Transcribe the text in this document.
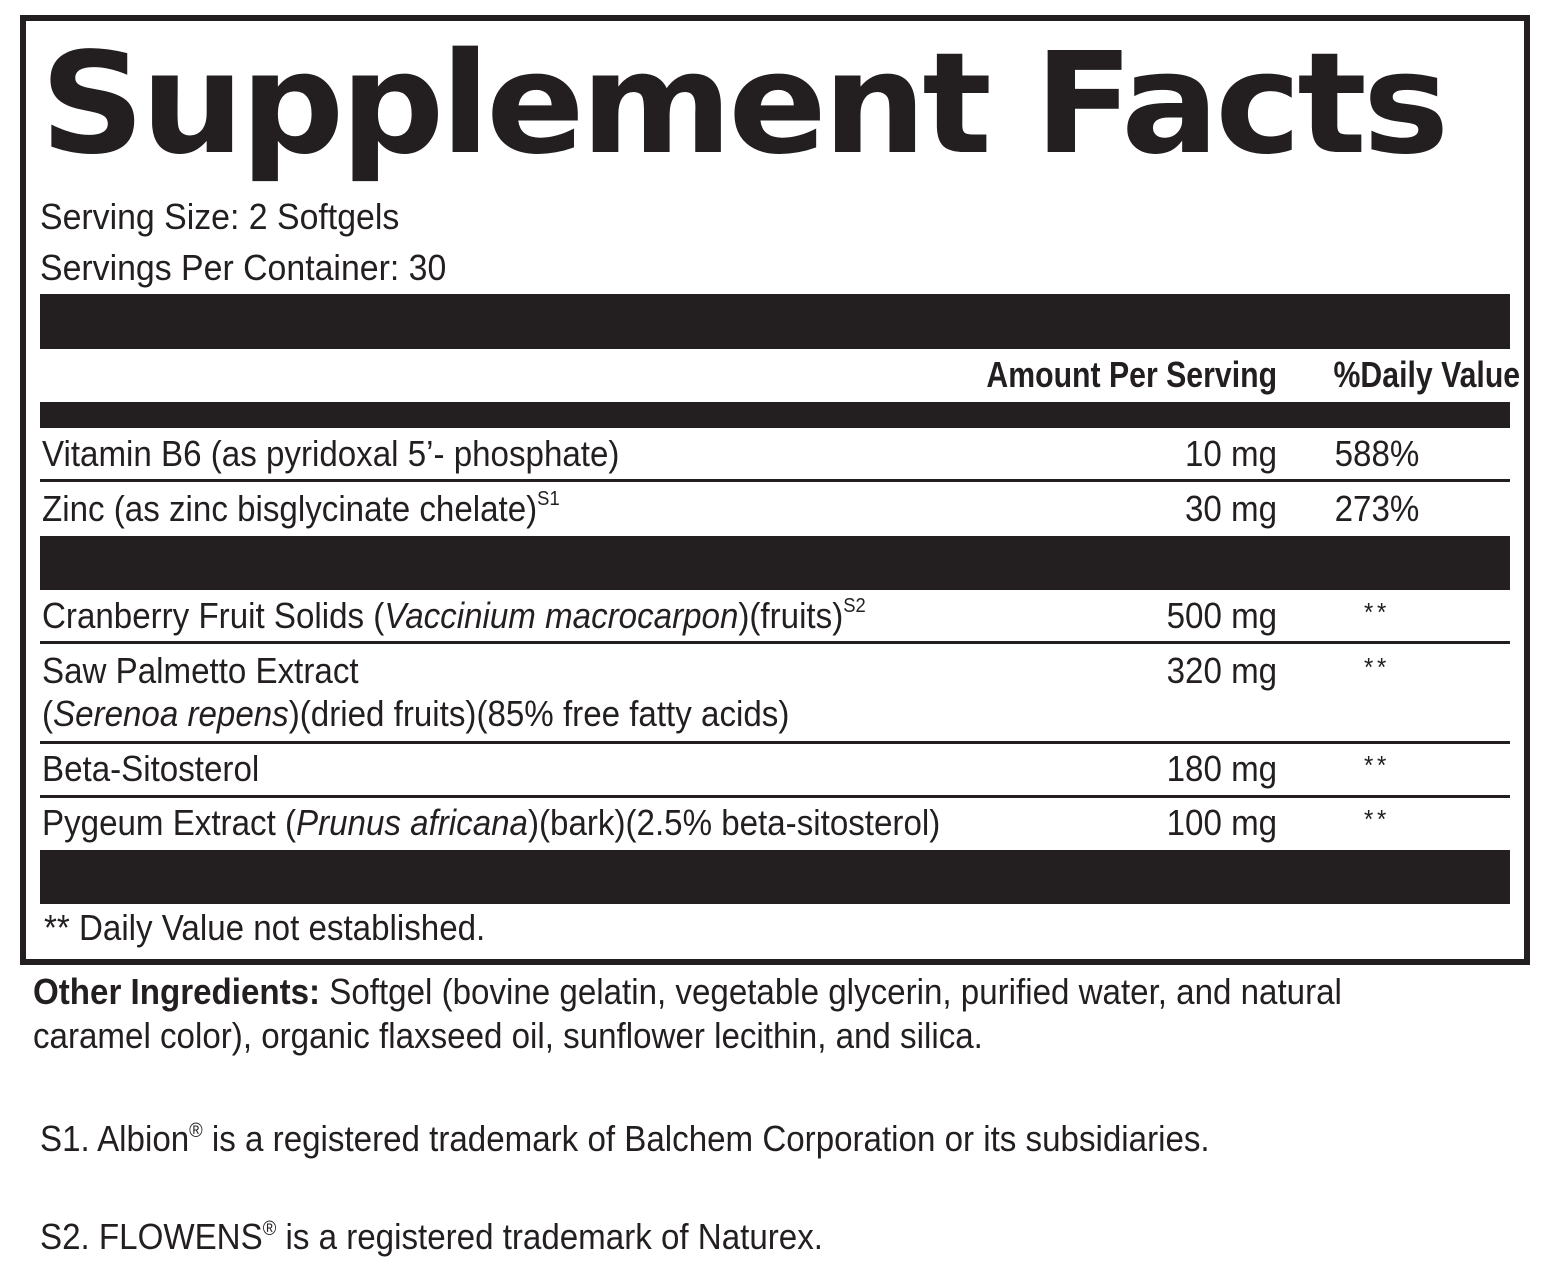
Supplement Facts
Serving Size: 2 Softgels
Servings Per Container: 30
Amount Per Serving %Daily Value
Vitamin B6 (as pyridoxal 5’- phosphate)	10 mg	588%
Zinc (as zinc bisglycinate chelate)$^{S1}$	30 mg	273%
Cranberry Fruit Solids (Vaccinium macrocarpon)(fruits)$^{S2}$	500 mg	**
Saw Palmetto Extract
(Serenoa repens)(dried fruits)(85% free fatty acids)
320 mg	**
Beta-Sitosterol	180 mg	**
Pygeum Extract (Prunus africana)(bark)(2.5% beta-sitosterol)	100 mg	**
** Daily Value not established.
Other Ingredients: Softgel (bovine gelatin, vegetable glycerin, purified water, and natural caramel color), organic flaxseed oil, sunflower lecithin, and silica.
S1. Albion® is a registered trademark of Balchem Corporation or its subsidiaries.
S2. FLOWENS® is a registered trademark of Naturex.
